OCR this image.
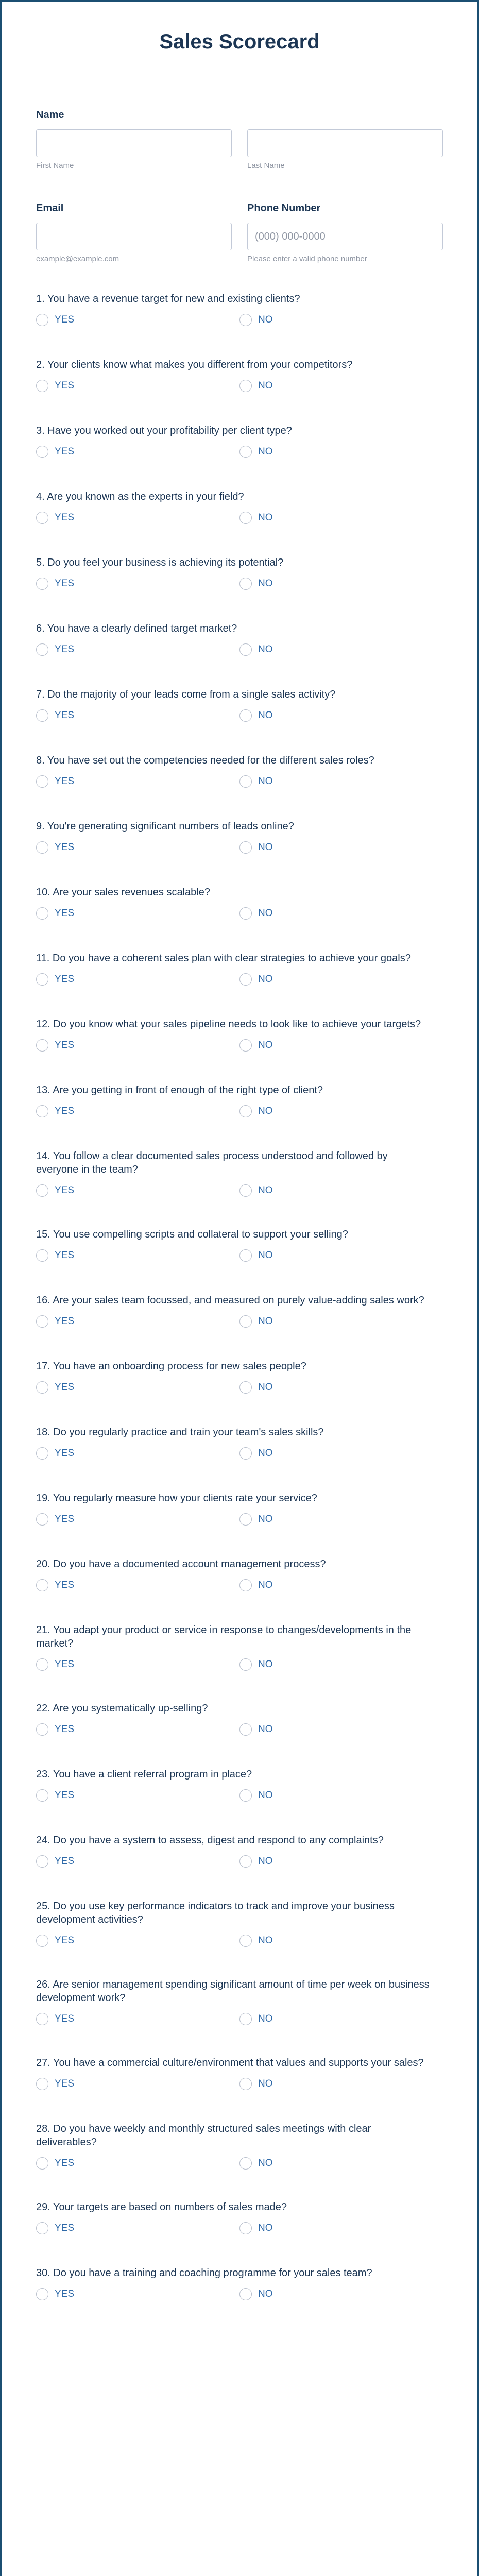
Sales Scorecard
Name
First Name	Last Name
Email
example@example.com
Phone Number
(000) 000-0000
Please enter a valid phone number

1. You have a revenue target for new and existing clients?

YES	NO

2. Your clients know what makes you different from your competitors?

YES	NO

3. Have you worked out your profitability per client type?

YES	NO

4. Are you known as the experts in your field?

YES	NO

5. Do you feel your business is achieving its potential?

YES	NO

6. You have a clearly defined target market?

YES	NO

7. Do the majority of your leads come from a single sales activity?

YES	NO

8. You have set out the competencies needed for the different sales roles?

YES	NO

9. You're generating significant numbers of leads online?

YES	NO

10. Are your sales revenues scalable?

YES	NO

11. Do you have a coherent sales plan with clear strategies to achieve your goals?

YES	NO

12. Do you know what your sales pipeline needs to look like to achieve your targets?

YES	NO

13. Are you getting in front of enough of the right type of client?

YES	NO

14. You follow a clear documented sales process understood and followed by everyone in the team?

YES	NO

15. You use compelling scripts and collateral to support your selling?

YES	NO

16. Are your sales team focussed, and measured on purely value-adding sales work?

YES	NO

17. You have an onboarding process for new sales people?

YES	NO

18. Do you regularly practice and train your team's sales skills?

YES	NO

19. You regularly measure how your clients rate your service?

YES	NO

20. Do you have a documented account management process?

YES	NO

21. You adapt your product or service in response to changes/developments in the market?

YES	NO

22. Are you systematically up-selling?

YES	NO

23. You have a client referral program in place?

YES	NO

24. Do you have a system to assess, digest and respond to any complaints?

YES	NO

25. Do you use key performance indicators to track and improve your business development activities?

YES	NO

26. Are senior management spending significant amount of time per week on business development work?

YES	NO

27. You have a commercial culture/environment that values and supports your sales?

YES	NO

28. Do you have weekly and monthly structured sales meetings with clear deliverables?

YES	NO

29. Your targets are based on numbers of sales made?

YES	NO

30. Do you have a training and coaching programme for your sales team?

YES	NO
